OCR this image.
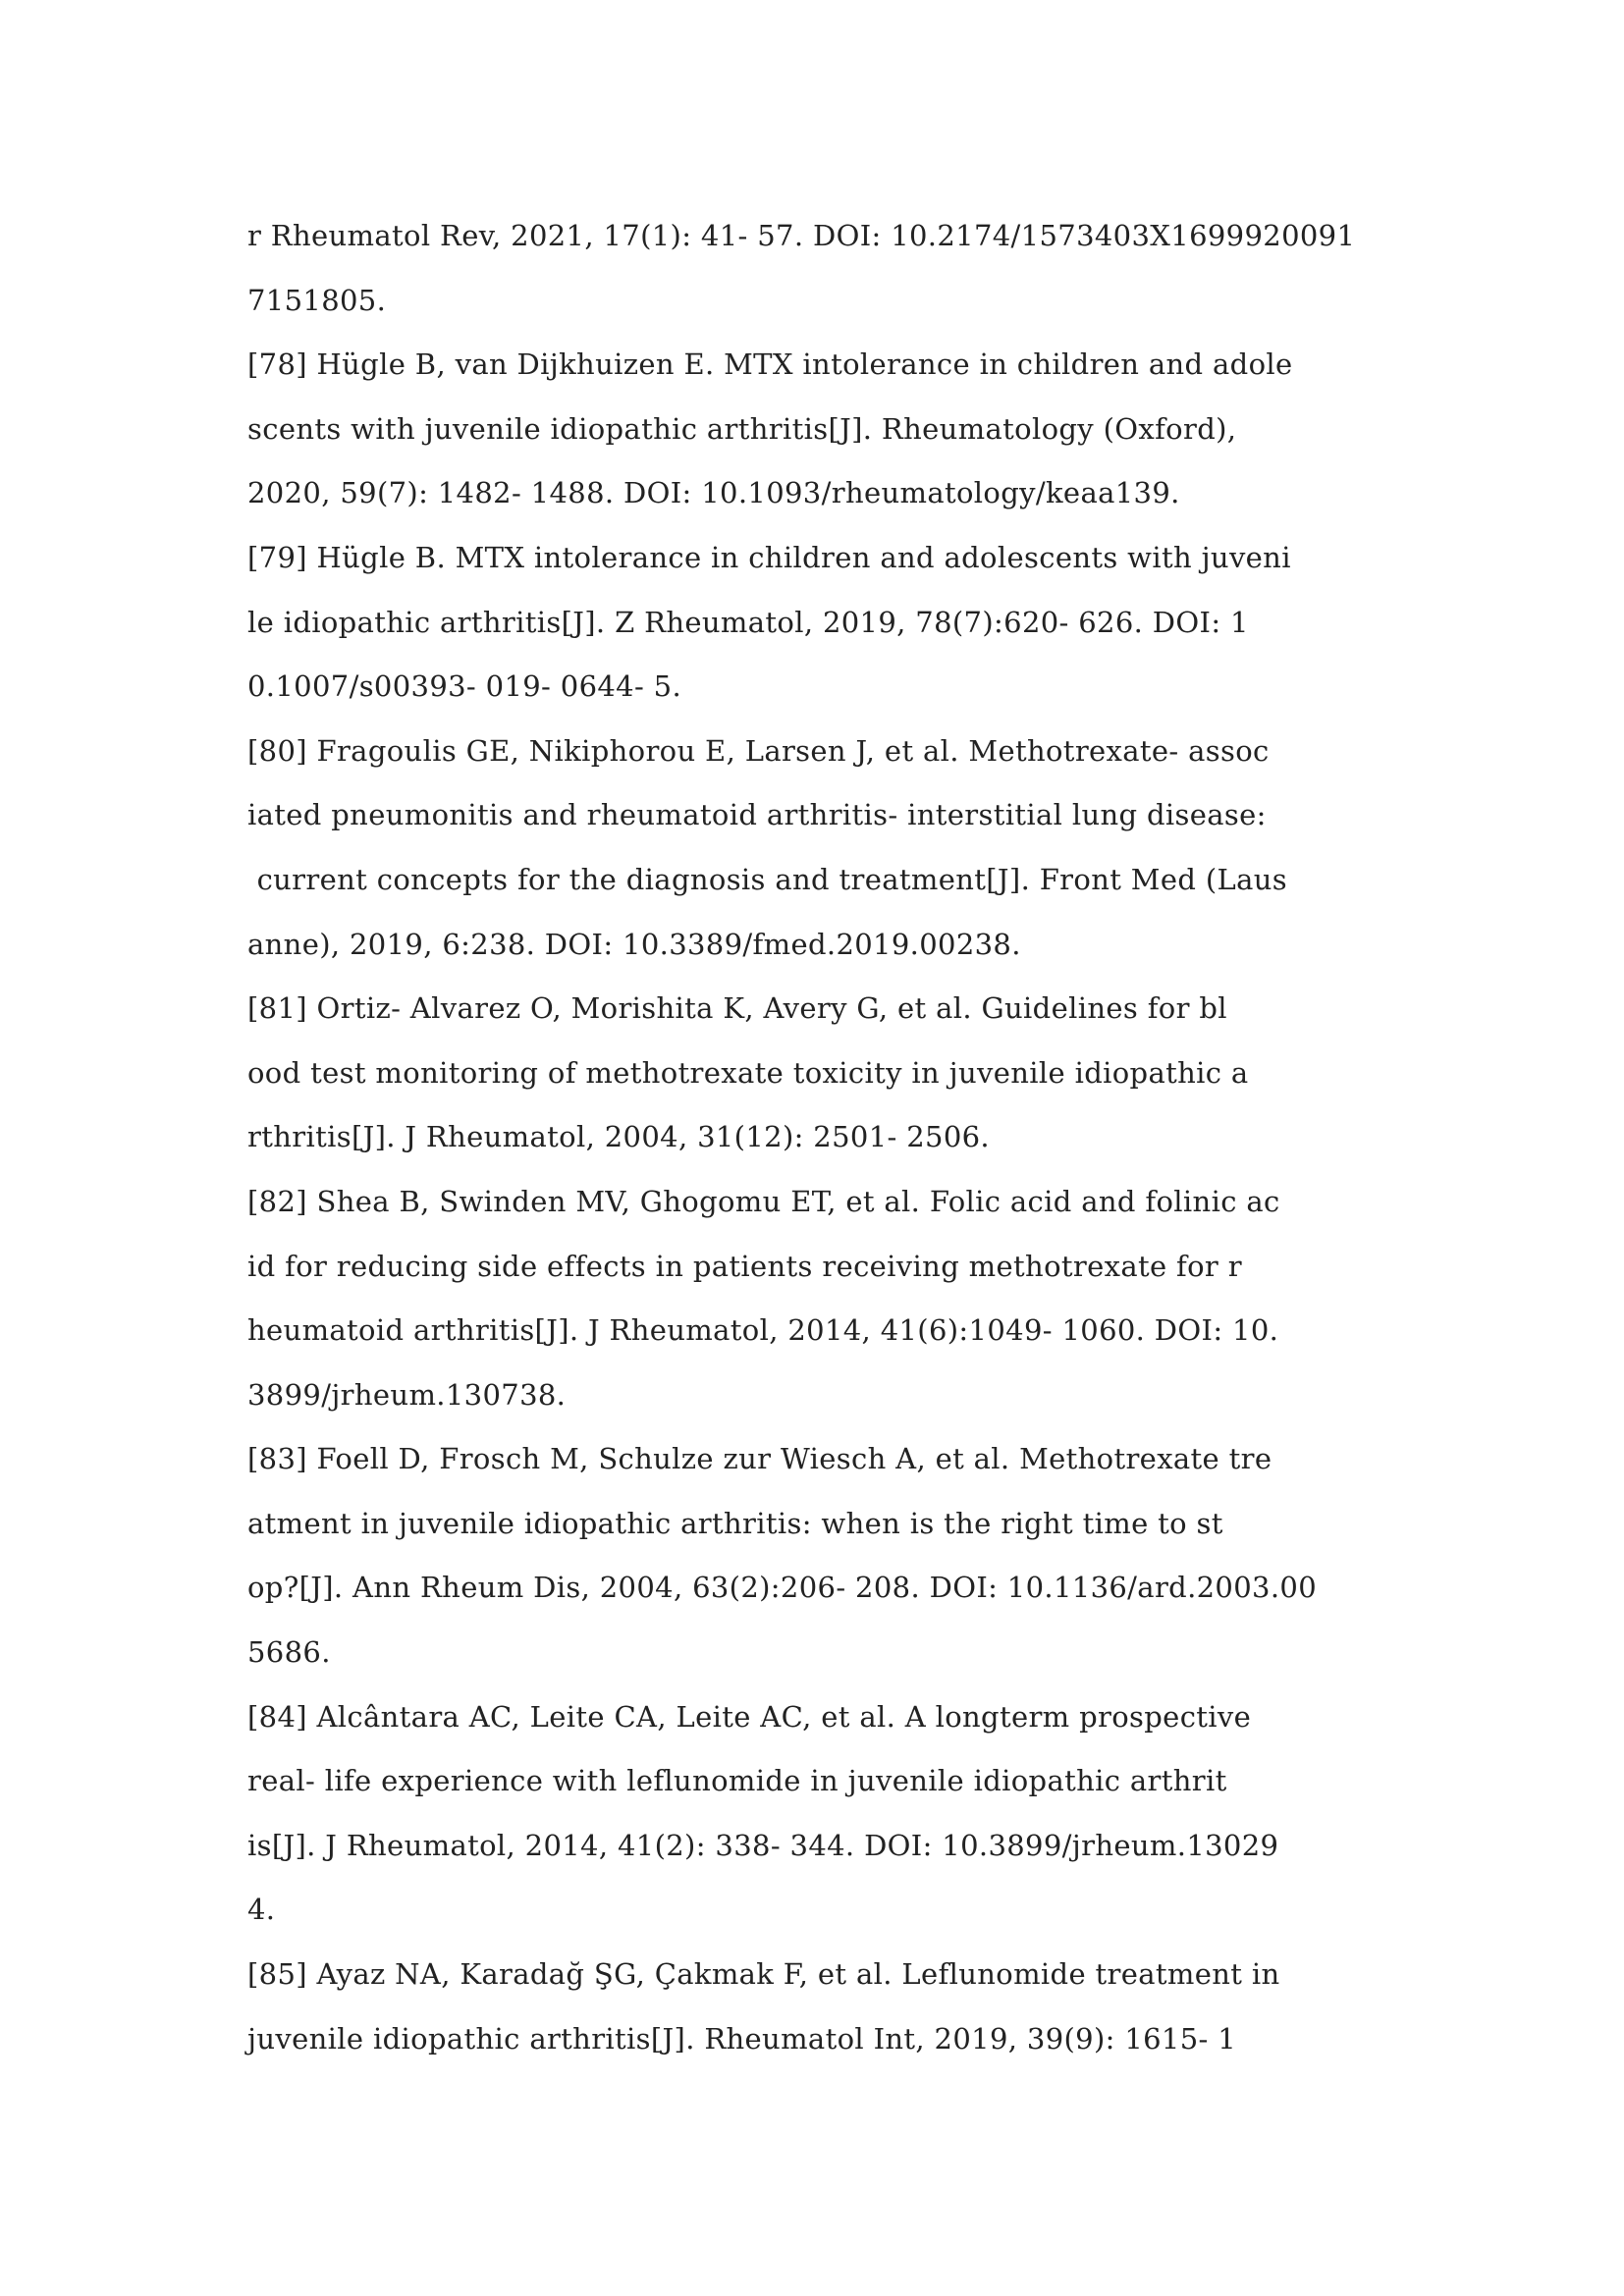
r Rheumatol Rev, 2021, 17(1): 41- 57. DOI: 10.2174/1573403X1699920091
7151805.
[78] Hügle B, van Dijkhuizen E. MTX intolerance in children and adole
scents with juvenile idiopathic arthritis[J]. Rheumatology (Oxford),
2020, 59(7): 1482- 1488. DOI: 10.1093/rheumatology/keaa139.
[79] Hügle B. MTX intolerance in children and adolescents with juveni
le idiopathic arthritis[J]. Z Rheumatol, 2019, 78(7):620- 626. DOI: 1
0.1007/s00393- 019- 0644- 5.
[80] Fragoulis GE, Nikiphorou E, Larsen J, et al. Methotrexate- assoc
iated pneumonitis and rheumatoid arthritis- interstitial lung disease:
current concepts for the diagnosis and treatment[J]. Front Med (Laus
anne), 2019, 6:238. DOI: 10.3389/fmed.2019.00238.
[81] Ortiz- Alvarez O, Morishita K, Avery G, et al. Guidelines for bl
ood test monitoring of methotrexate toxicity in juvenile idiopathic a
rthritis[J]. J Rheumatol, 2004, 31(12): 2501- 2506.
[82] Shea B, Swinden MV, Ghogomu ET, et al. Folic acid and folinic ac
id for reducing side effects in patients receiving methotrexate for r
heumatoid arthritis[J]. J Rheumatol, 2014, 41(6):1049- 1060. DOI: 10.
3899/jrheum.130738.
[83] Foell D, Frosch M, Schulze zur Wiesch A, et al. Methotrexate tre
atment in juvenile idiopathic arthritis: when is the right time to st
op?[J]. Ann Rheum Dis, 2004, 63(2):206- 208. DOI: 10.1136/ard.2003.00
5686.
[84] Alcântara AC, Leite CA, Leite AC, et al. A longterm prospective
real- life experience with leflunomide in juvenile idiopathic arthrit
is[J]. J Rheumatol, 2014, 41(2): 338- 344. DOI: 10.3899/jrheum.13029
4.
[85] Ayaz NA, Karadağ ŞG, Çakmak F, et al. Leflunomide treatment in
juvenile idiopathic arthritis[J]. Rheumatol Int, 2019, 39(9): 1615- 1
